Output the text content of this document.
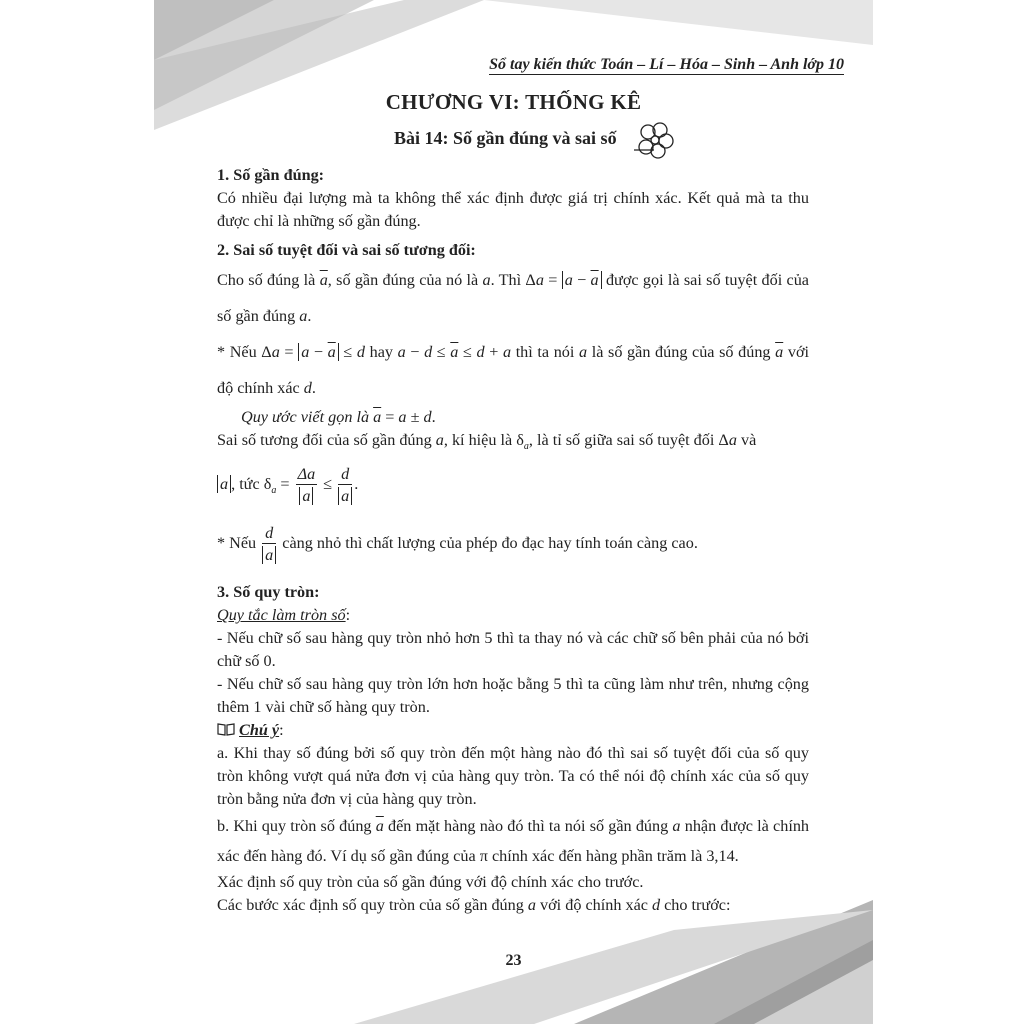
Sổ tay kiến thức Toán – Lí – Hóa – Sinh – Anh lớp 10
CHƯƠNG VI: THỐNG KÊ
Bài 14: Số gần đúng và sai số

1. Số gần đúng:

Có nhiều đại lượng mà ta không thể xác định được giá trị chính xác. Kết quả mà ta thu được chỉ là những số gần đúng.

2. Sai số tuyệt đối và sai số tương đối:

Cho số đúng là $\overline{a}$, số gần đúng của nó là a. Thì $\Delta a = a - \overline{a}$ được gọi là sai số tuyệt đối của số gần đúng a.

* Nếu $\Delta a = a - \overline{a} \le d$ hay $a - d \le \overline{a} \le d + a$ thì ta nói a là số gần đúng của số đúng $\overline{a}$ với độ chính xác d.

Quy ước viết gọn là $\overline{a} = a \pm d$.

Sai số tương đối của số gần đúng a, kí hiệu là $\delta_a$, là tỉ số giữa sai số tuyệt đối Δa và

a , tức $\delta_a = \frac{\Delta a}{a} \le \frac{d}{a}$ .

* Nếu $\frac{d}{a}$ càng nhỏ thì chất lượng của phép đo đạc hay tính toán càng cao.

3. Số quy tròn:

Quy tắc làm tròn số:

- Nếu chữ số sau hàng quy tròn nhỏ hơn 5 thì ta thay nó và các chữ số bên phải của nó bởi chữ số 0.

- Nếu chữ số sau hàng quy tròn lớn hơn hoặc bằng 5 thì ta cũng làm như trên, nhưng cộng thêm 1 vài chữ số hàng quy tròn.

Chú ý:

a. Khi thay số đúng bởi số quy tròn đến một hàng nào đó thì sai số tuyệt đối của số quy tròn không vượt quá nửa đơn vị của hàng quy tròn. Ta có thể nói độ chính xác của số quy tròn bằng nửa đơn vị của hàng quy tròn.

b. Khi quy tròn số đúng $\overline{a}$ đến mặt hàng nào đó thì ta nói số gần đúng a nhận được là chính xác đến hàng đó. Ví dụ số gần đúng của π chính xác đến hàng phần trăm là 3,14.

Xác định số quy tròn của số gần đúng với độ chính xác cho trước.

Các bước xác định số quy tròn của số gần đúng a với độ chính xác d cho trước:

23
